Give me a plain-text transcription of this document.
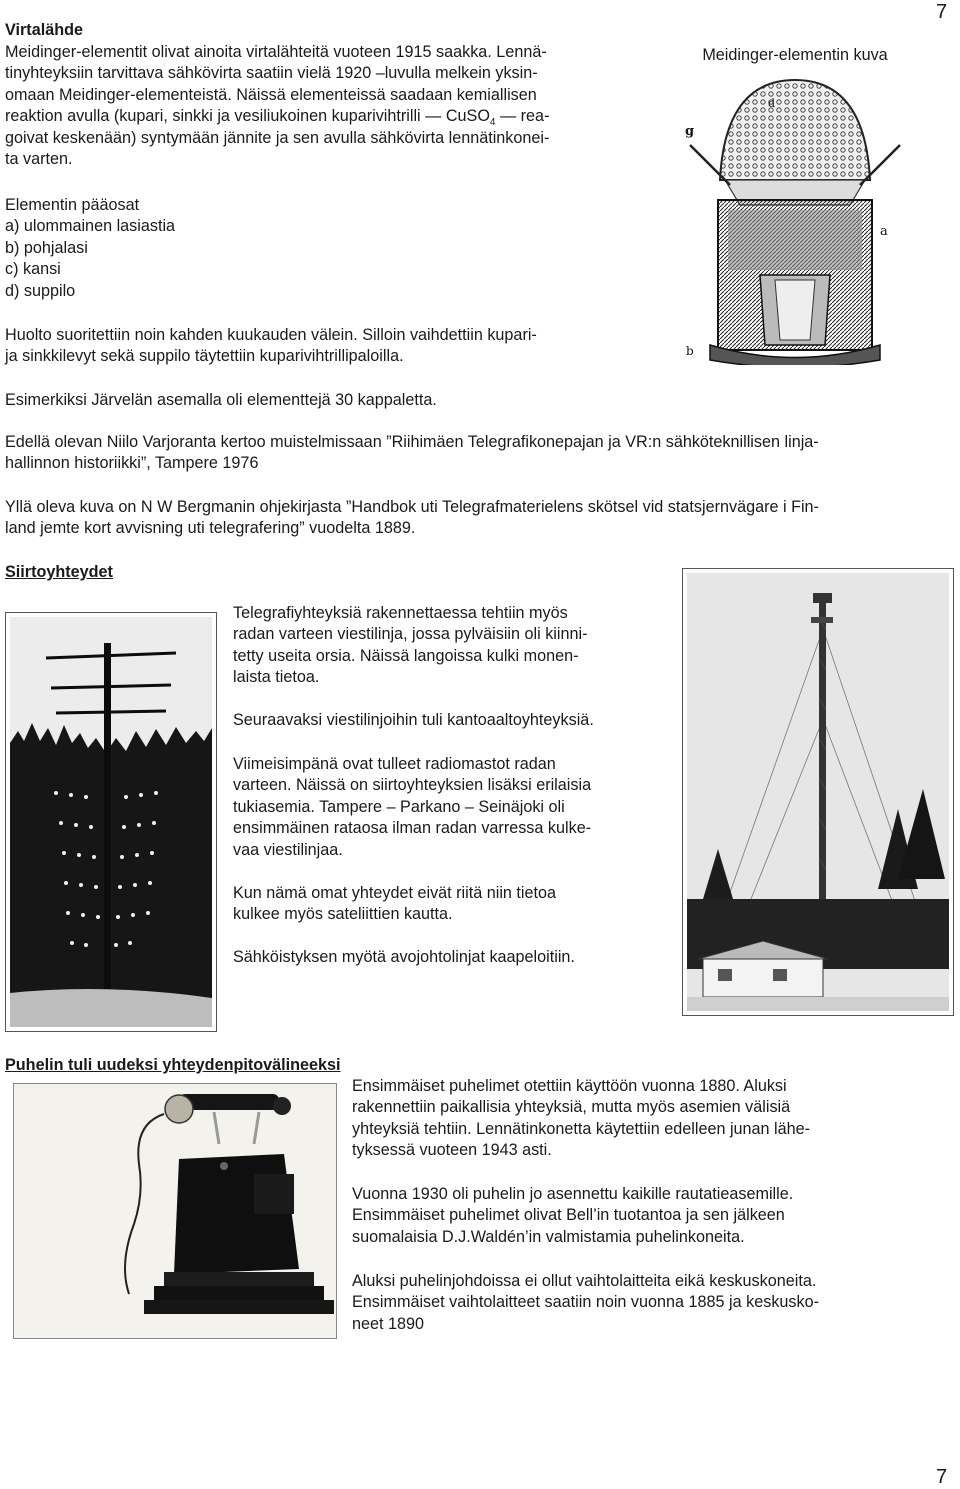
7
7
Virtalähde
Meidinger-elementit olivat ainoita virtalähteitä vuoteen 1915 saakka. Lennä-
tinyhteyksiin tarvittava sähkövirta saatiin vielä 1920 –luvulla melkein yksin-
omaan Meidinger-elementeistä. Näissä elementeissä saadaan kemiallisen
reaktion avulla (kupari, sinkki ja vesiliukoinen kuparivihtrilli — CuSO$_4$ — rea-
goivat keskenään) syntymään jännite ja sen avulla sähkövirta lennätinkonei-
ta varten.
Elementin pääosat
a) ulommainen lasiastia
b) pohjalasi
c) kansi
d) suppilo
Huolto suoritettiin noin kahden kuukauden välein. Silloin vaihdettiin kupari-
ja sinkkilevyt sekä suppilo täytettiin kuparivihtrillipaloilla.
Esimerkiksi Järvelän asemalla oli elementtejä 30 kappaletta.
Edellä olevan Niilo Varjoranta kertoo muistelmissaan ”Riihimäen Telegrafikonepajan ja VR:n sähköteknillisen linja-
hallinnon historiikki”, Tampere 1976
Yllä oleva kuva on N W Bergmanin ohjekirjasta ”Handbok uti Telegrafmaterielens skötsel vid statsjernvägare i Fin-
land jemte kort avvisning uti telegrafering” vuodelta 1889.
Meidinger-elementin kuva
g
a
d
b
Siirtoyhteydet
Telegrafiyhteyksiä rakennettaessa tehtiin myös
radan varteen viestilinja, jossa pylväisiin oli kiinni-
tetty useita orsia. Näissä langoissa kulki monen-
laista tietoa.
Seuraavaksi viestilinjoihin tuli kantoaaltoyhteyksiä.
Viimeisimpänä ovat tulleet radiomastot radan
varteen. Näissä on siirtoyhteyksien lisäksi erilaisia
tukiasemia. Tampere – Parkano – Seinäjoki oli
ensimmäinen rataosa ilman radan varressa kulke-
vaa viestilinjaa.
Kun nämä omat yhteydet eivät riitä niin tietoa
kulkee myös sateliittien kautta.
Sähköistyksen myötä avojohtolinjat kaapeloitiin.
Puhelin tuli uudeksi yhteydenpitovälineeksi
Ensimmäiset puhelimet otettiin käyttöön vuonna 1880. Aluksi
rakennettiin paikallisia yhteyksiä, mutta myös asemien välisiä
yhteyksiä tehtiin. Lennätinkonetta käytettiin edelleen junan lähe-
tyksessä vuoteen 1943 asti.
Vuonna 1930 oli puhelin jo asennettu kaikille rautatieasemille.
Ensimmäiset puhelimet olivat Bell’in tuotantoa ja sen jälkeen
suomalaisia D.J.Waldén’in valmistamia puhelinkoneita.
Aluksi puhelinjohdoissa ei ollut vaihtolaitteita eikä keskuskoneita.
Ensimmäiset vaihtolaitteet saatiin noin vuonna 1885 ja keskusko-
neet 1890
